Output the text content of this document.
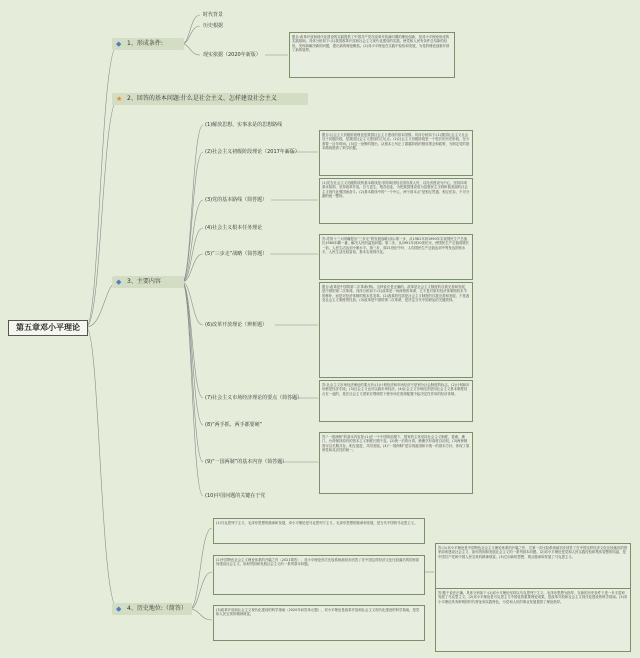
第五章邓小平理论
◆ 1、形成条件:
时代背景
历史根据
现实依据（2020年新版）
题目:改革开放和现代化建设的实践提供了中国共产党在改革开放新时期的理论创新，是邓小平理论形成的实践基础。具体分析如下:(1)我国改革开放和社会主义现代化建设的实践，使党和人民有条件总结新的经验，发现和解决新的问题，提出新的理论概括。(2)邓小平理论在实践中检验和发展，为党的理论创新开辟了新的境界。
★ 2、回答的基本问题:什么是社会主义、怎样建设社会主义
◆ 3、主要内容
(1)解放思想、实事求是的思想路线
(2)社会主义初级阶段理论（2017年新版）
(3)党的基本路线（简答题）
(4)社会主义根本任务理论
(5)“三步走”战略（简答题）
(6)改革开放理论（辨析题）
(7)社会主义市场经济理论的要点（简答题）
(8)“两手抓、两手都要硬”
(9)“一国两制”的基本内容（简答题）
(10)中国问题的关键在于党
题目:社会主义初级阶段理论是我国社会主义建设的基本国情。具体分析如下:(1)我国社会主义社会处于初级阶段，是我国社会主义建设的立足点。(2)社会主义初级阶段是一个很长的历史阶段，至少需要一百年时间。(3)这一论断的提出，从根本上纠正了超越阶段的错误观念和政策，为制定党的基本路线提供了科学依据。
(1)党在社会主义初级阶段的基本路线是:领导和团结全国各族人民，以经济建设为中心，坚持四项基本原则，坚持改革开放，自力更生，艰苦创业，为把我国建设成为富强民主文明和谐美丽的社会主义现代化强国而奋斗。(2)基本路线中的“一个中心、两个基本点”是相互贯通、相互依存、不可分割的统一整体。
答:党的十三大明确提出“三步走”的发展战略目标:第一步，从1981年到1990年实现国民生产总值比1980年翻一番，解决人民的温饱问题。第二步，从1991年到20世纪末，使国民生产总值再增长一倍，人民生活达到小康水平。第三步，到21世纪中叶，人均国民生产总值达到中等发达国家水平，人民生活比较富裕，基本实现现代化。
题目:改革是中国的第二次革命(辨)。这种说法是正确的。改革是社会主义制度的自我完善和发展，是中国的第二次革命。具体分析如下:(1)改革是一场深刻的革命，它不是对原有经济体制细枝末节的修补，而是对经济体制的根本性变革。(2)改革的性质是社会主义制度的自我完善和发展，不是改变社会主义制度的性质。(3)改革是中国的第二次革命，是决定当代中国命运的关键抉择。
答:社会主义市场经济理论的要点有:(1)计划经济和市场经济不是划分社会制度的标志。(2)计划和市场都是经济手段。(3)社会主义也可以搞市场经济。(4)社会主义市场经济是同社会主义基本制度结合在一起的，是在社会主义国家宏观调控下使市场在资源配置中起决定性作用的经济体制。
答:“一国两制”的基本内容是:(1)在一个中国的前提下，国家的主体坚持社会主义制度，香港、澳门、台湾保持原有的资本主义制度长期不变。(2)统一后的台湾、港澳享有高度自治权。(3)两种制度可以长期共存，相互促进，共同发展。(4)“一国两制”是实现祖国和平统一的基本方针，体现了原则性和灵活性的统一。
◆ 4、历史地位:（简答）
(1)马克思列宁主义、毛泽东思想的继承和发展，邓小平理论是马克思列宁主义、毛泽东思想的继承和发展，是当代中国的马克思主义。
(2)中国特色社会主义理论体系的开篇之作（2021简答），邓小平理论首次比较系统地初步回答了在中国这样经济文化比较落后的国家如何建设社会主义、如何巩固和发展社会主义的一系列基本问题。
(3)改革开放和社会主义现代化建设的科学指南（2020年问答单元题），邓小平理论是改革开放和社会主义现代化建设的科学指南，是党和人民宝贵的精神财富。
答:(1)邓小平理论是中国特色社会主义理论体系的开篇之作，它第一次比较系统地初步回答了在中国这样经济文化比较落后的国家如何建设社会主义、如何巩固和发展社会主义的一系列基本问题。(2)邓小平理论是党和人民实践经验和集体智慧的结晶，是中国共产党和中国人民宝贵的精神财富。(3)它用新的思想、观点继承和发展了马克思主义。
答:题干说法正确。具体分析如下:(1)邓小平理论坚持以马克思列宁主义、毛泽东思想为指导，在新的历史条件下进一步丰富和发展了马克思主义。(2)邓小平理论是马克思主义中国化的重要理论成果，是改革开放和社会主义现代化建设的科学指南。(3)邓小平理论具有鲜明的时代特征和实践特色，为党和人民的事业发展提供了理论指导。
